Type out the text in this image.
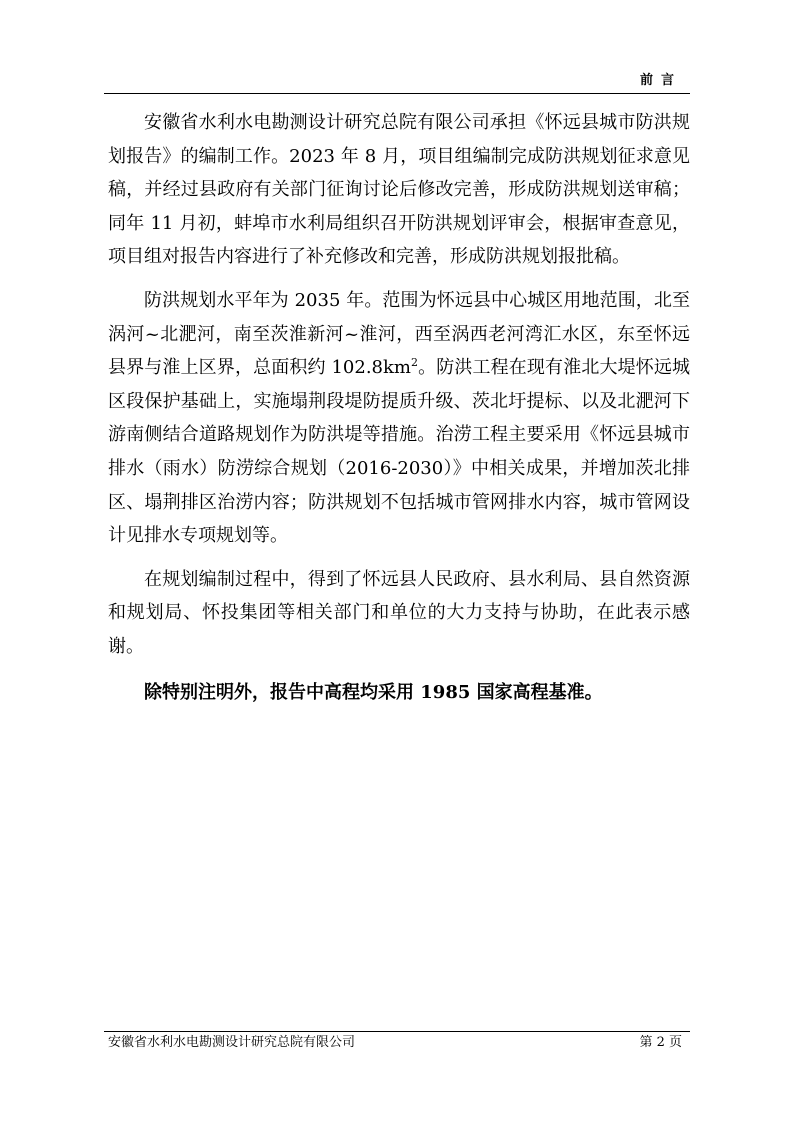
前言

安徽省水利水电勘测设计研究总院有限公司承担《怀远县城市防洪规划报告》的编制工作。2023 年 8 月，项目组编制完成防洪规划征求意见稿，并经过县政府有关部门征询讨论后修改完善，形成防洪规划送审稿；同年 11 月初，蚌埠市水利局组织召开防洪规划评审会，根据审查意见，项目组对报告内容进行了补充修改和完善，形成防洪规划报批稿。

防洪规划水平年为 2035 年。范围为怀远县中心城区用地范围，北至涡河~北淝河，南至茨淮新河~淮河，西至涡西老河湾汇水区，东至怀远县界与淮上区界，总面积约 $102.8km^2$。防洪工程在现有淮北大堤怀远城区段保护基础上，实施塌荆段堤防提质升级、茨北圩提标、以及北淝河下游南侧结合道路规划作为防洪堤等措施。治涝工程主要采用《怀远县城市排水（雨水）防涝综合规划（2016-2030）》中相关成果，并增加茨北排区、塌荆排区治涝内容；防洪规划不包括城市管网排水内容，城市管网设计见排水专项规划等。

在规划编制过程中，得到了怀远县人民政府、县水利局、县自然资源和规划局、怀投集团等相关部门和单位的大力支持与协助，在此表示感谢。

除特别注明外，报告中高程均采用 1985 国家高程基准。

安徽省水利水电勘测设计研究总院有限公司	第 2 页
